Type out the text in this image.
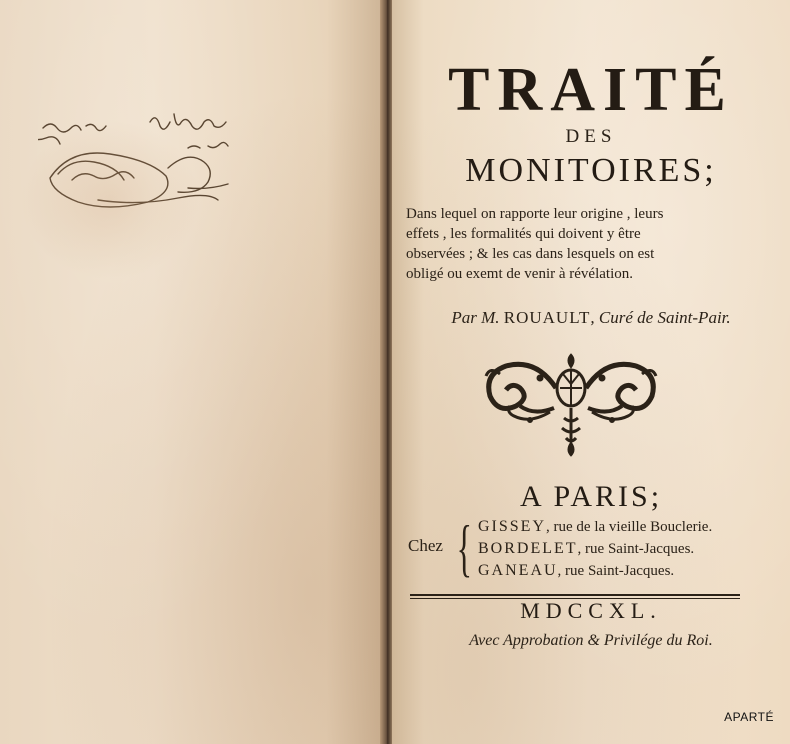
TRAITÉ
DES
MONITOIRES;
Dans lequel on rapporte leur origine , leurs
effets , les formalités qui doivent y être
observées ; & les cas dans lesquels on est
obligé ou exemt de venir à révélation.
Par M. ROUAULT, Curé de Saint-Pair.
A PARIS;
Chez { GISSEY, rue de la vieille Bouclerie.
BORDELET, rue Saint-Jacques.
GANEAU, rue Saint-Jacques.
MDCCXL.
Avec Approbation & Privilége du Roi.
APARTÉ
